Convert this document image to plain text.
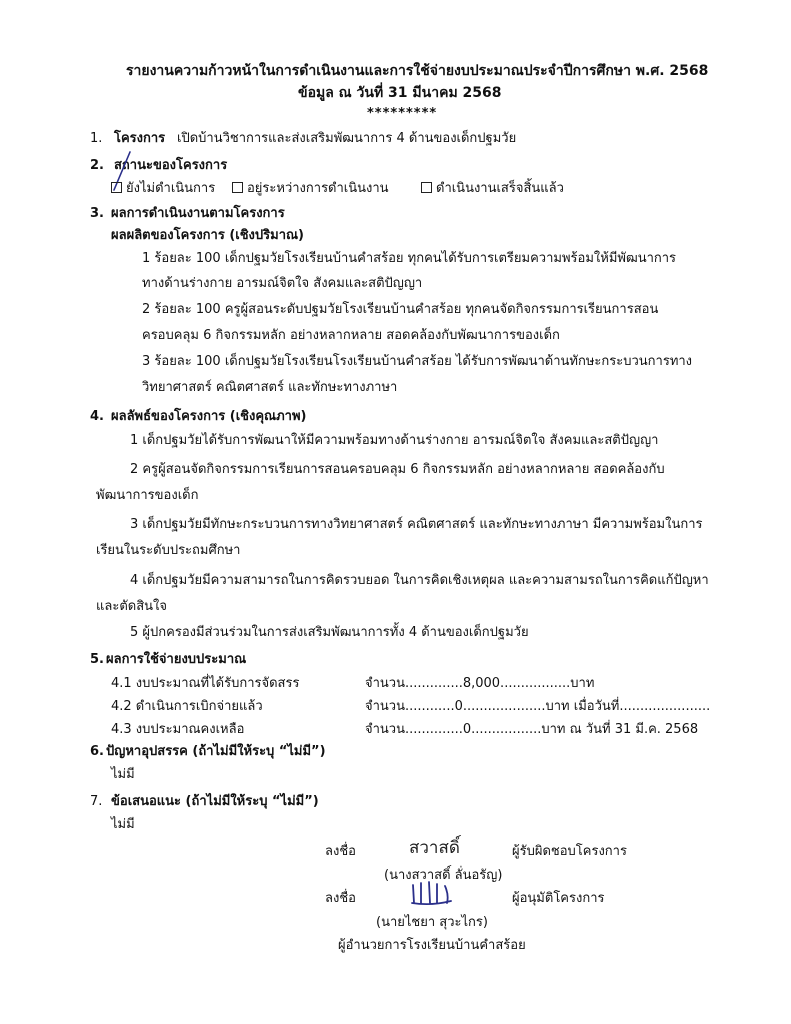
รายงานความก้าวหน้าในการดำเนินงานและการใช้จ่ายงบประมาณประจำปีการศึกษา พ.ศ. 2568
ข้อมูล ณ วันที่ 31 มีนาคม 2568
*********
1. โครงการ เปิดบ้านวิชาการและส่งเสริมพัฒนาการ 4 ด้านของเด็กปฐมวัย
2. สถานะของโครงการ
ยังไม่ดำเนินการ	อยู่ระหว่างการดำเนินงาน	ดำเนินงานเสร็จสิ้นแล้ว
3. ผลการดำเนินงานตามโครงการ
ผลผลิตของโครงการ (เชิงปริมาณ)
1 ร้อยละ 100 เด็กปฐมวัยโรงเรียนบ้านคำสร้อย ทุกคนได้รับการเตรียมความพร้อมให้มีพัฒนาการ
ทางด้านร่างกาย อารมณ์จิตใจ สังคมและสติปัญญา
2 ร้อยละ 100 ครูผู้สอนระดับปฐมวัยโรงเรียนบ้านคำสร้อย ทุกคนจัดกิจกรรมการเรียนการสอน
ครอบคลุม 6 กิจกรรมหลัก อย่างหลากหลาย สอดคล้องกับพัฒนาการของเด็ก
3 ร้อยละ 100 เด็กปฐมวัยโรงเรียนโรงเรียนบ้านคำสร้อย ได้รับการพัฒนาด้านทักษะกระบวนการทาง
วิทยาศาสตร์ คณิตศาสตร์ และทักษะทางภาษา
4. ผลลัพธ์ของโครงการ (เชิงคุณภาพ)
1 เด็กปฐมวัยได้รับการพัฒนาให้มีความพร้อมทางด้านร่างกาย อารมณ์จิตใจ สังคมและสติปัญญา
2 ครูผู้สอนจัดกิจกรรมการเรียนการสอนครอบคลุม 6 กิจกรรมหลัก อย่างหลากหลาย สอดคล้องกับ
พัฒนาการของเด็ก
3 เด็กปฐมวัยมีทักษะกระบวนการทางวิทยาศาสตร์ คณิตศาสตร์ และทักษะทางภาษา มีความพร้อมในการ
เรียนในระดับประถมศึกษา
4 เด็กปฐมวัยมีความสามารถในการคิดรวบยอด ในการคิดเชิงเหตุผล และความสามรถในการคิดแก้ปัญหา
และตัดสินใจ
5 ผู้ปกครองมีส่วนร่วมในการส่งเสริมพัฒนาการทั้ง 4 ด้านของเด็กปฐมวัย
5. ผลการใช้จ่ายงบประมาณ
4.1 งบประมาณที่ได้รับการจัดสรร	จำนวน..............8,000.................บาท
4.2 ดำเนินการเบิกจ่ายแล้ว	จำนวน............0....................บาท เมื่อวันที่......................
4.3 งบประมาณคงเหลือ	จำนวน..............0.................บาท ณ วันที่ 31 มี.ค. 2568
6. ปัญหาอุปสรรค (ถ้าไม่มีให้ระบุ “ไม่มี”)
ไม่มี
7. ข้อเสนอแนะ (ถ้าไม่มีให้ระบุ “ไม่มี”)
ไม่มี
ลงชื่อ	สวาสดิ์	ผู้รับผิดชอบโครงการ
(นางสวาสดิ์ ลั่นอรัญ)
ลงชื่อ	ผู้อนุมัติโครงการ
(นายไชยา สุวะไกร)
ผู้อำนวยการโรงเรียนบ้านคำสร้อย
